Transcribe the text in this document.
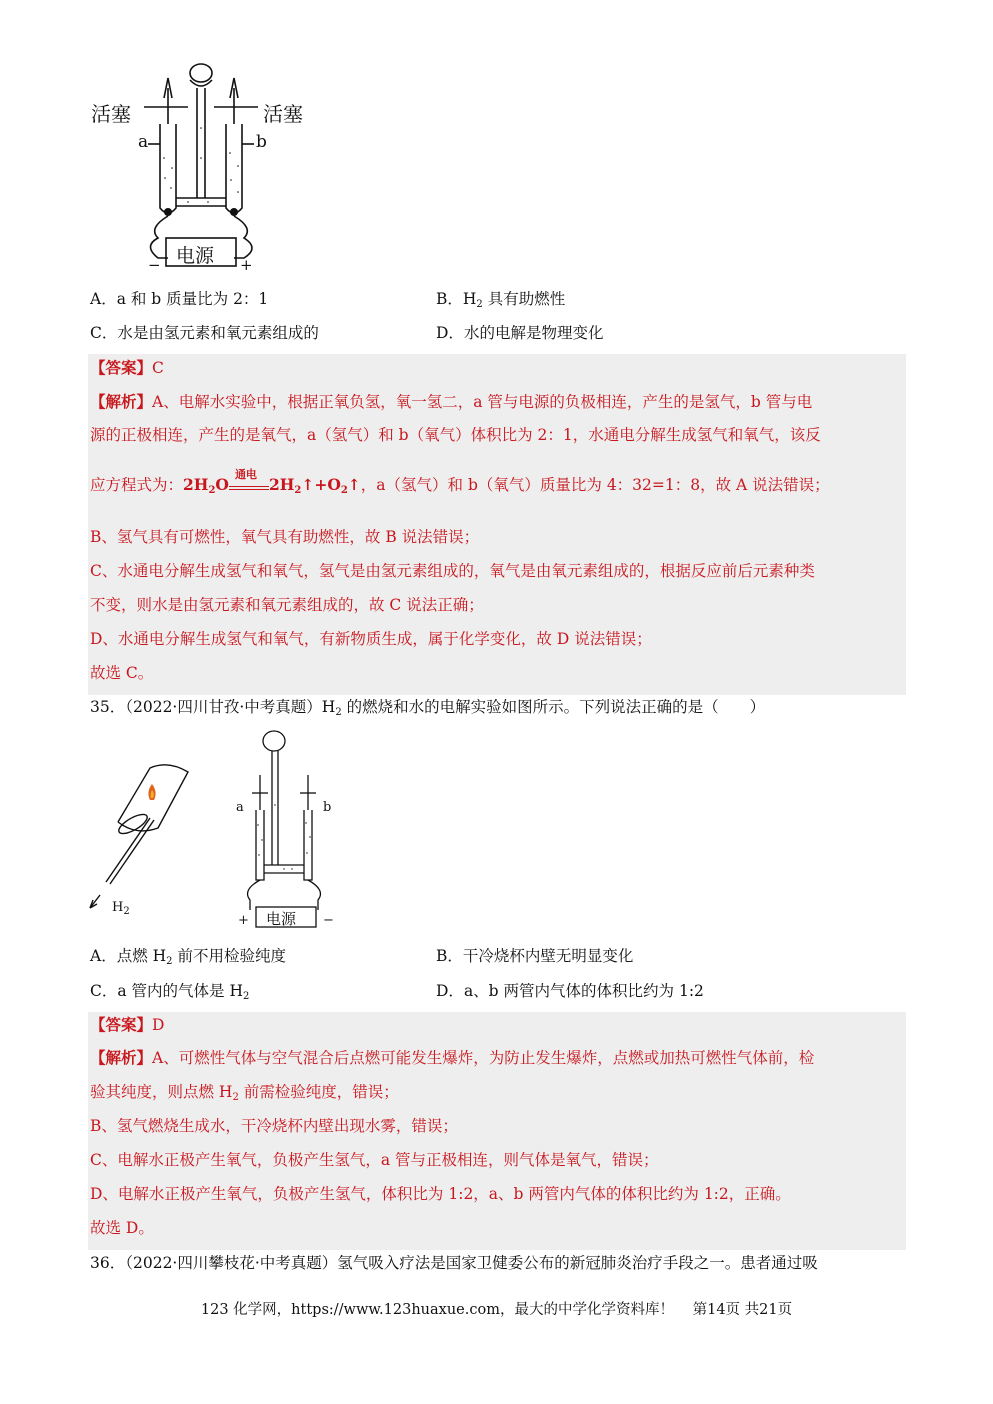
活塞	活塞
a	b
电源
−	+
A．a 和 b 质量比为 2：1	B．$H_2$ 具有助燃性
C．水是由氢元素和氧元素组成的	D．水的电解是物理变化
【答案】C
【解析】A、电解水实验中，根据正氧负氢，氧一氢二，a 管与电源的负极相连，产生的是氢气，b 管与电
源的正极相连，产生的是氧气，a（氢气）和 b（氧气）体积比为 2：1，水通电分解生成氢气和氧气，该反
应方程式为：$2H_2O$
通电
$2H_2↑+O_2↑$，a（氢气）和 b（氧气）质量比为 4：32=1：8，故 A 说法错误；
B、氢气具有可燃性，氧气具有助燃性，故 B 说法错误；
C、水通电分解生成氢气和氧气，氢气是由氢元素组成的，氧气是由氧元素组成的，根据反应前后元素种类
不变，则水是由氢元素和氧元素组成的，故 C 说法正确；
D、水通电分解生成氢气和氧气，有新物质生成，属于化学变化，故 D 说法错误；
故选 C。
35．（2022·四川甘孜·中考真题）$H_2$ 的燃烧和水的电解实验如图所示。下列说法正确的是（　　）
$H_2$
a	b
电源
+	−
A．点燃 $H_2$ 前不用检验纯度	B．干冷烧杯内壁无明显变化
C．a 管内的气体是 $H_2$	D．a、b 两管内气体的体积比约为 1:2
【答案】D
【解析】A、可燃性气体与空气混合后点燃可能发生爆炸，为防止发生爆炸，点燃或加热可燃性气体前，检
验其纯度，则点燃 $H_2$ 前需检验纯度，错误；
B、氢气燃烧生成水，干冷烧杯内壁出现水雾，错误；
C、电解水正极产生氧气，负极产生氢气，a 管与正极相连，则气体是氧气，错误；
D、电解水正极产生氧气，负极产生氢气，体积比为 1:2，a、b 两管内气体的体积比约为 1:2，正确。
故选 D。
36．（2022·四川攀枝花·中考真题）氢气吸入疗法是国家卫健委公布的新冠肺炎治疗手段之一。患者通过吸
123 化学网，https://www.123huaxue.com，最大的中学化学资料库！ 第14页 共21页
